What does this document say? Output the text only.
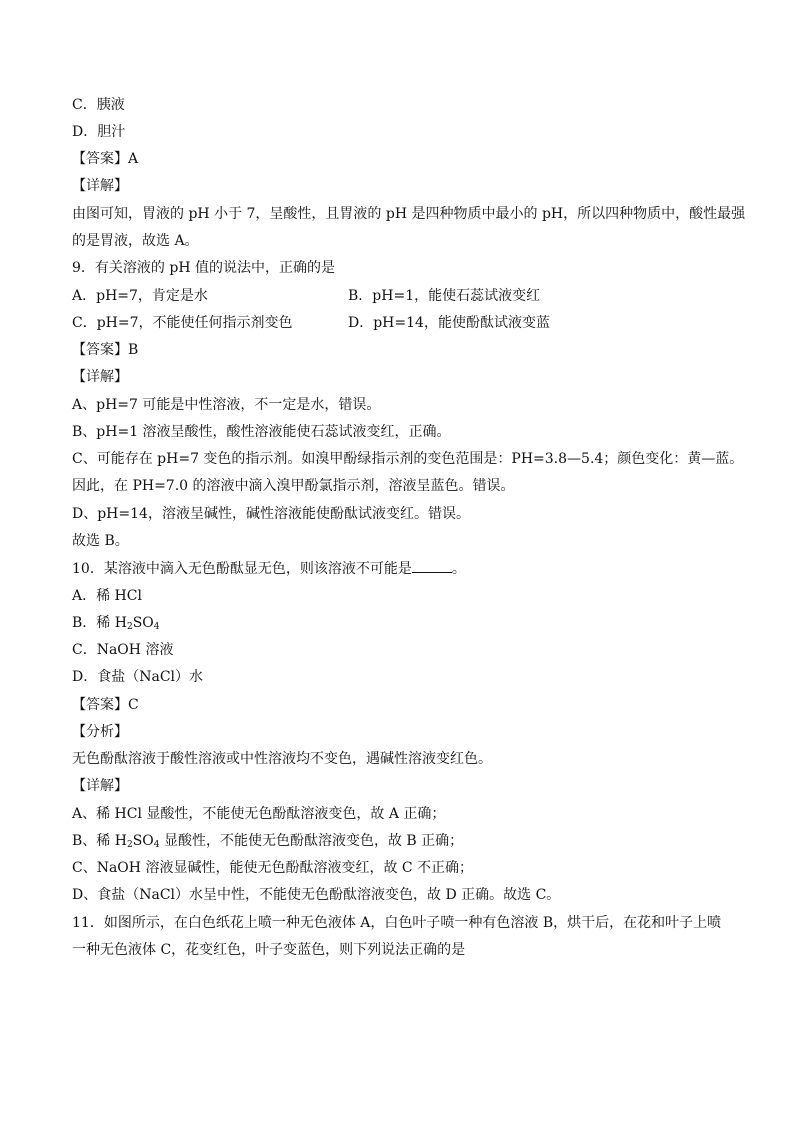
C．胰液
D．胆汁
【答案】A
【详解】
由图可知，胃液的 pH 小于 7，呈酸性，且胃液的 pH 是四种物质中最小的 pH，所以四种物质中，酸性最强
的是胃液，故选 A。
9．有关溶液的 pH 值的说法中，正确的是
A．pH=7，肯定是水	B．pH=1，能使石蕊试液变红
C．pH=7，不能使任何指示剂变色	D．pH=14，能使酚酞试液变蓝
【答案】B
【详解】
A、pH=7 可能是中性溶液，不一定是水，错误。
B、pH=1 溶液呈酸性，酸性溶液能使石蕊试液变红，正确。
C、可能存在 pH=7 变色的指示剂。如溴甲酚绿指示剂的变色范围是：PH=3.8—5.4；颜色变化：黄—蓝。
因此，在 PH=7.0 的溶液中滴入溴甲酚氯指示剂，溶液呈蓝色。错误。
D、pH=14，溶液呈碱性，碱性溶液能使酚酞试液变红。错误。
故选 B。
10．某溶液中滴入无色酚酞显无色，则该溶液不可能是	。
A．稀 HCl
B．稀 $H_2SO_4$
C．NaOH 溶液
D．食盐（NaCl）水
【答案】C
【分析】
无色酚酞溶液于酸性溶液或中性溶液均不变色，遇碱性溶液变红色。
【详解】
A、稀 HCl 显酸性，不能使无色酚酞溶液变色，故 A 正确；
B、稀 $H_2SO_4$ 显酸性，不能使无色酚酞溶液变色，故 B 正确；
C、NaOH 溶液显碱性，能使无色酚酞溶液变红，故 C 不正确；
D、食盐（NaCl）水呈中性，不能使无色酚酞溶液变色，故 D 正确。故选 C。
11．如图所示，在白色纸花上喷一种无色液体 A，白色叶子喷一种有色溶液 B，烘干后，在花和叶子上喷
一种无色液体 C，花变红色，叶子变蓝色，则下列说法正确的是
